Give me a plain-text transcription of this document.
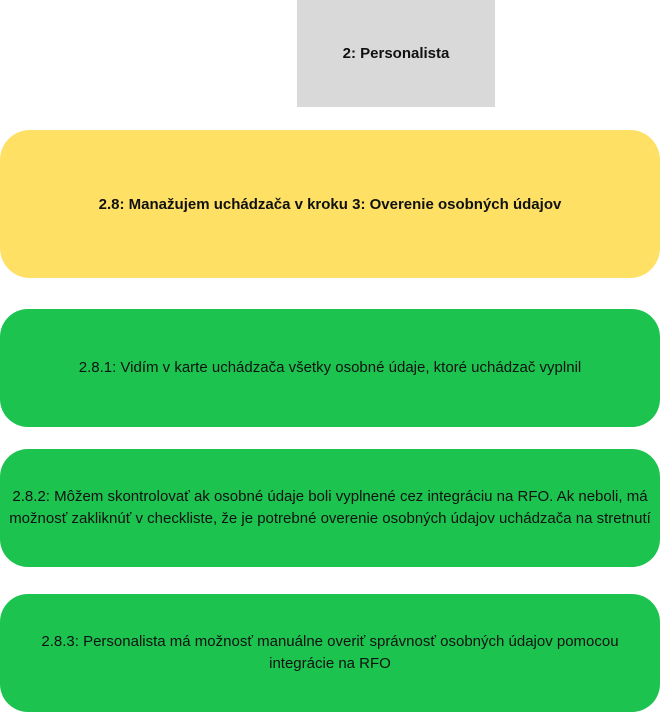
2: Personalista
2.8: Manažujem uchádzača v kroku 3: Overenie osobných údajov
2.8.1: Vidím v karte uchádzača všetky osobné údaje, ktoré uchádzač vyplnil
2.8.2: Môžem skontrolovať ak osobné údaje boli vyplnené cez integráciu na RFO. Ak neboli, má možnosť zakliknúť v checkliste, že je potrebné overenie osobných údajov uchádzača na stretnutí
2.8.3: Personalista má možnosť manuálne overiť správnosť osobných údajov pomocou integrácie na RFO
